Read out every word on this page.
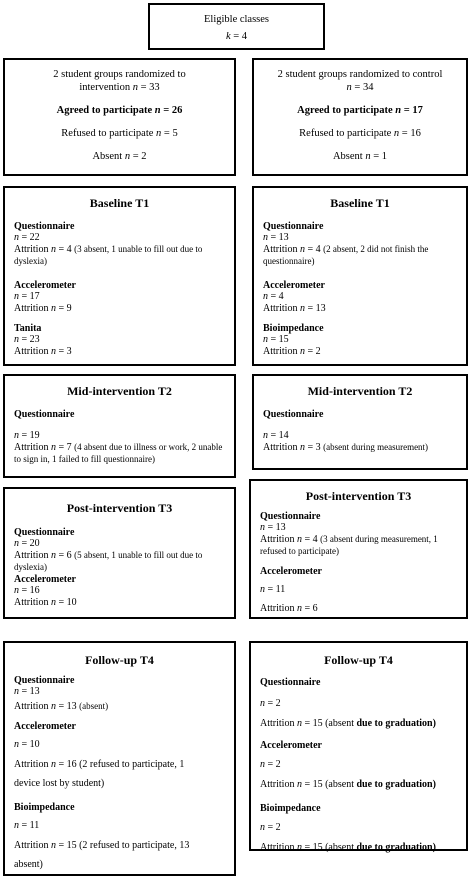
Eligible classes
k = 4
2 student groups randomized to
intervention n = 33
Agreed to participate n = 26
Refused to participate n = 5
Absent n = 2
2 student groups randomized to control
n = 34
Agreed to participate n = 17
Refused to participate n = 16
Absent n = 1
Baseline T1
Questionnaire
n = 22
Attrition n = 4 (3 absent, 1 unable to fill out due to dyslexia)
Accelerometer
n = 17
Attrition n = 9
Tanita
n = 23
Attrition n = 3
Baseline T1
Questionnaire
n = 13
Attrition n = 4 (2 absent, 2 did not finish the questionnaire)
Accelerometer
n = 4
Attrition n = 13
Bioimpedance
n = 15
Attrition n = 2
Mid-intervention T2
Questionnaire
n = 19
Attrition n = 7 (4 absent due to illness or work, 2 unable to sign in, 1 failed to fill questionnaire)
Mid-intervention T2
Questionnaire
n = 14
Attrition n = 3 (absent during measurement)
Post-intervention T3
Questionnaire
n = 20
Attrition n = 6 (5 absent, 1 unable to fill out due to dyslexia)
Accelerometer
n = 16
Attrition n = 10
Post-intervention T3
Questionnaire
n = 13
Attrition n = 4 (3 absent during measurement, 1 refused to participate)
Accelerometer
n = 11
Attrition n = 6
Follow-up T4
Questionnaire
n = 13
Attrition n = 13 (absent)
Accelerometer
n = 10
Attrition n = 16 (2 refused to participate, 1
device lost by student)
Bioimpedance
n = 11
Attrition n = 15 (2 refused to participate, 13
absent)
Follow-up T4
Questionnaire
n = 2
Attrition n = 15 (absent due to graduation)
Accelerometer
n = 2
Attrition n = 15 (absent due to graduation)
Bioimpedance
n = 2
Attrition n = 15 (absent due to graduation)
